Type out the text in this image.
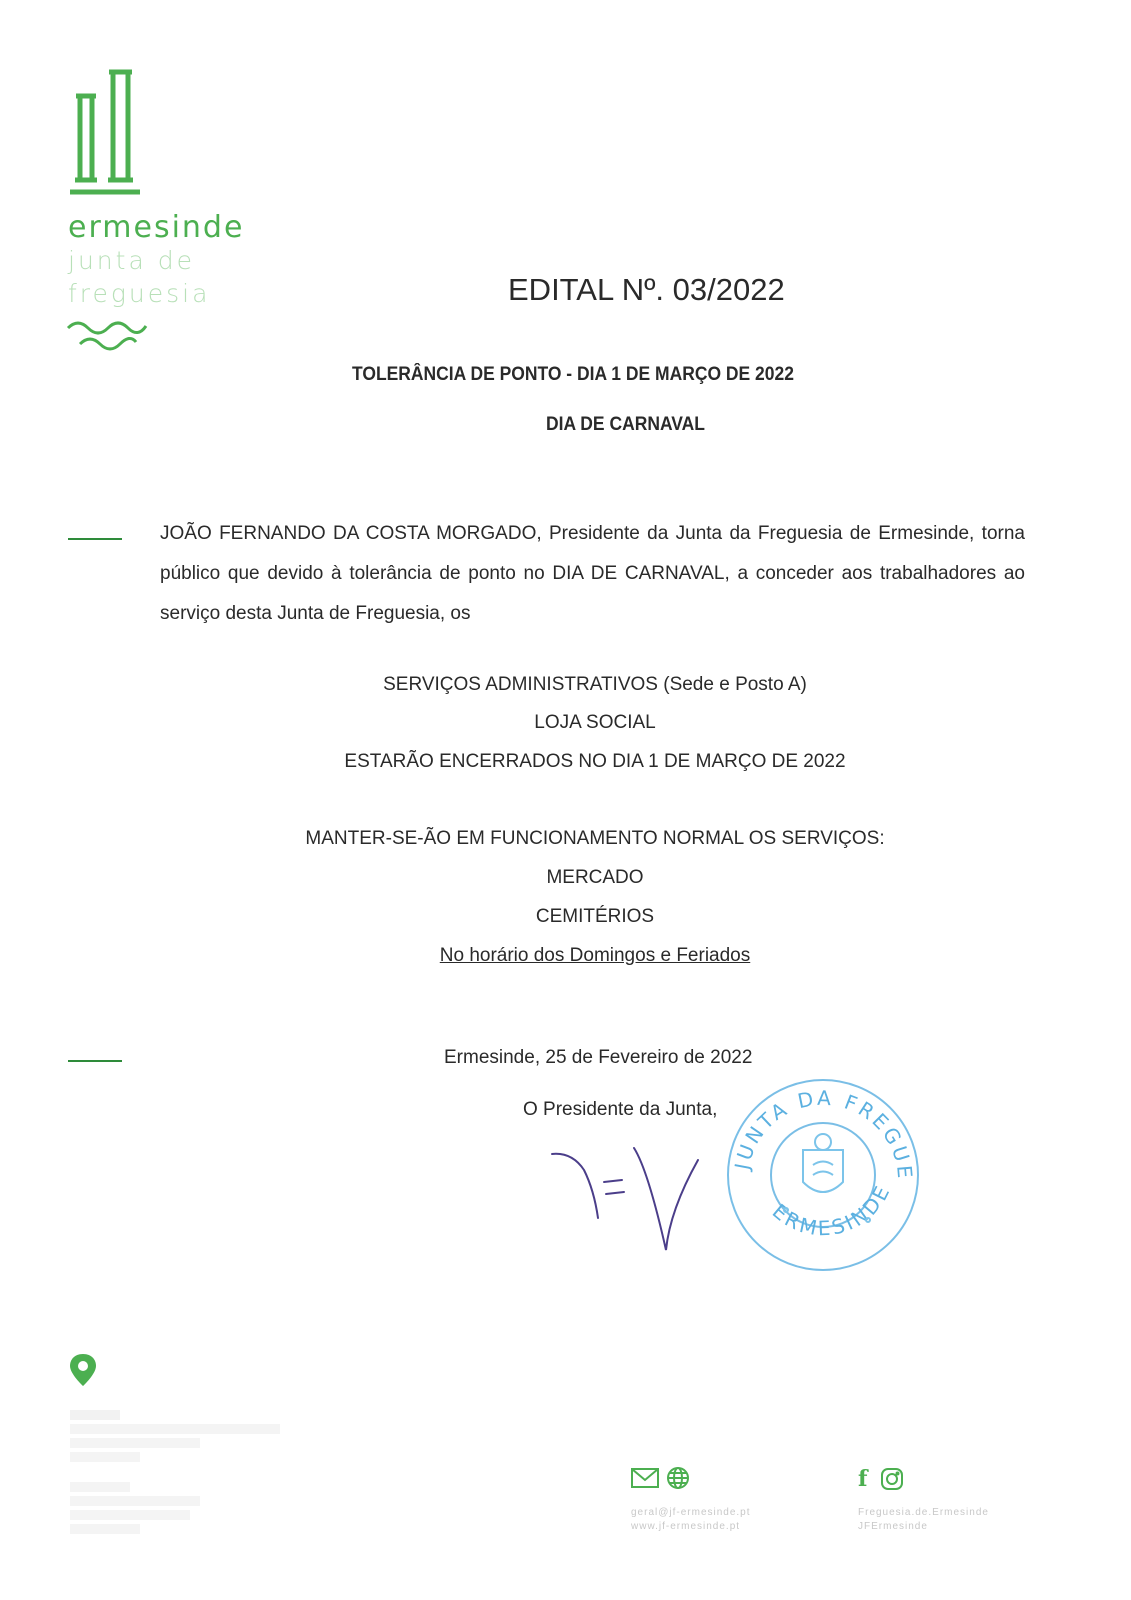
ermesinde
junta de
freguesia	EDITAL Nº. 03/2022
TOLERÂNCIA DE PONTO - DIA 1 DE MARÇO DE 2022
DIA DE CARNAVAL
JOÃO FERNANDO DA COSTA MORGADO, Presidente da Junta da Freguesia de Ermesinde, torna público que devido à tolerância de ponto no DIA DE CARNAVAL, a conceder aos trabalhadores ao serviço desta Junta de Freguesia, os
SERVIÇOS ADMINISTRATIVOS (Sede e Posto A)
LOJA SOCIAL
ESTARÃO ENCERRADOS NO DIA 1 DE MARÇO DE 2022
MANTER-SE-ÃO EM FUNCIONAMENTO NORMAL OS SERVIÇOS:
MERCADO
CEMITÉRIOS
No horário dos Domingos e Feriados
Ermesinde, 25 de Fevereiro de 2022
O Presidente da Junta,
JUNTA DA FREGUE
ERMESINDE
geral@jf-ermesinde.pt
www.jf-ermesinde.pt
f
Freguesia.de.Ermesinde
JFErmesinde
